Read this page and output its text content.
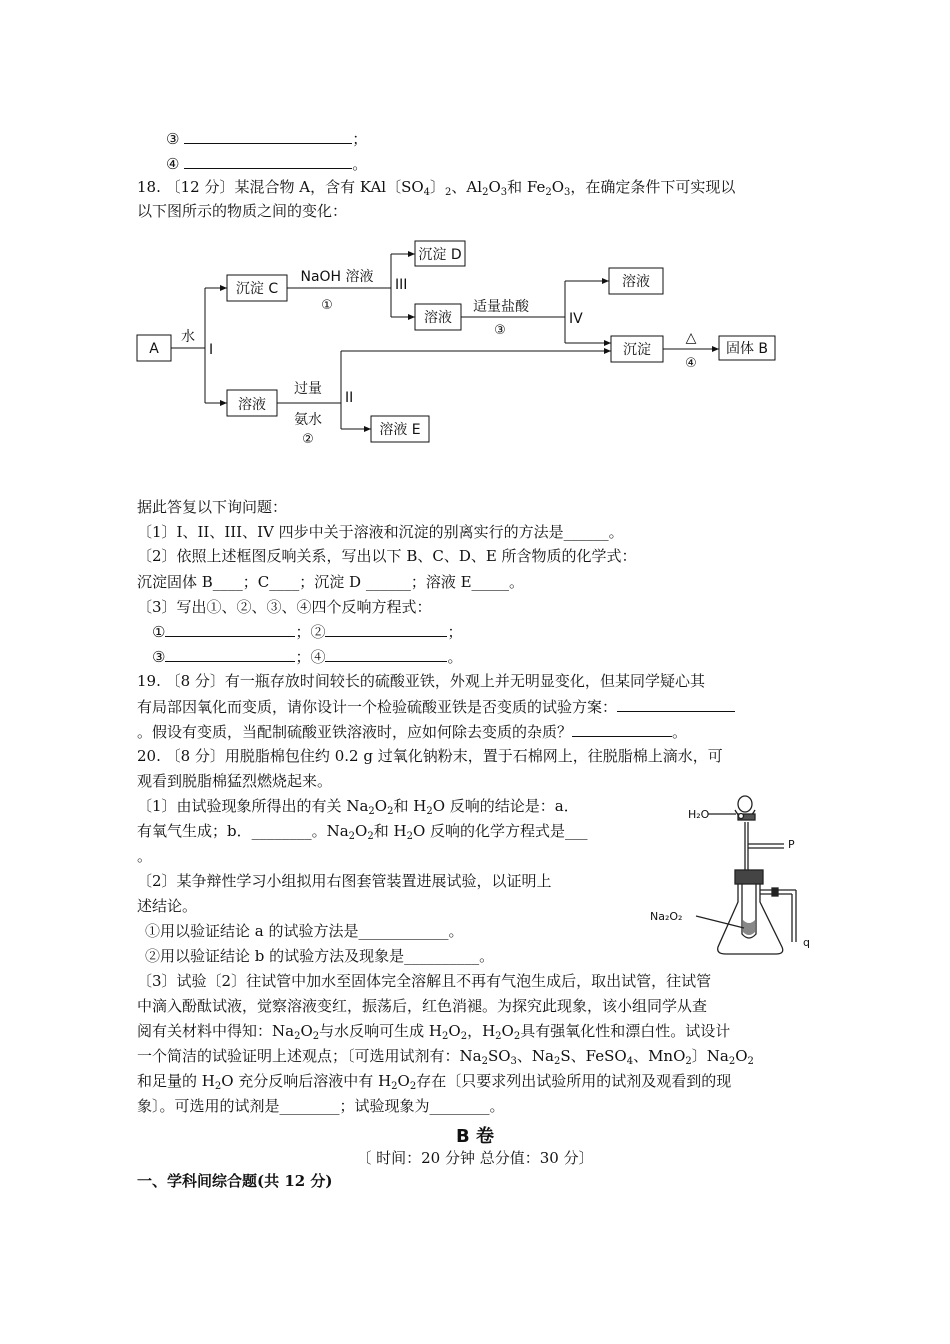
③	；
④	。
18. 〔12 分〕某混合物 A，含有 KAl〔$SO_4$〕$_2$、$Al_2O_3$和 $Fe_2O_3$，在确定条件下可实现以
以下图所示的物质之间的变化：
A
水
I
沉淀 C
NaOH 溶液
①
III
沉淀 D
溶液
适量盐酸
③
IV
溶液
沉淀
△
④
固体 B
溶液
过量
氨水
②
II
溶液 E
据此答复以下询问题：
〔1〕I、II、III、IV 四步中关于溶液和沉淀的别离实行的方法是______。
〔2〕依照上述框图反响关系，写出以下 B、C、D、E 所含物质的化学式：
沉淀固体 B____；C____；沉淀 D ______；溶液 E_____。
〔3〕写出①、②、③、④四个反响方程式：
①	；②	；
③	；④	。
19. 〔8 分〕有一瓶存放时间较长的硫酸亚铁，外观上并无明显变化，但某同学疑心其
有局部因氧化而变质，请你设计一个检验硫酸亚铁是否变质的试验方案：
。假设有变质，当配制硫酸亚铁溶液时，应如何除去变质的杂质？	。
20. 〔8 分〕用脱脂棉包住约 0.2 g 过氧化钠粉末，置于石棉网上，往脱脂棉上滴水，可
观看到脱脂棉猛烈燃烧起来。
〔1〕由试验现象所得出的有关 $Na_2O_2$和 $H_2O$ 反响的结论是：a．
有氧气生成；b．________。$Na_2O_2$和 $H_2O$ 反响的化学方程式是___
。
〔2〕某争辩性学习小组拟用右图套管装置进展试验，以证明上
述结论。
①用以验证结论 a 的试验方法是____________。
②用以验证结论 b 的试验方法及现象是__________。
H₂O
P
Na₂O₂
q
〔3〕试验〔2〕往试管中加水至固体完全溶解且不再有气泡生成后，取出试管，往试管
中滴入酚酞试液，觉察溶液变红，振荡后，红色消褪。为探究此现象，该小组同学从查
阅有关材料中得知：$Na_2O_2$与水反响可生成 $H_2O_2$，$H_2O_2$具有强氧化性和漂白性。试设计
一个简洁的试验证明上述观点；〔可选用试剂有：$Na_2SO_3$、$Na_2S$、FeSO$_4$、MnO$_2$〕$Na_2O_2$
和足量的 $H_2O$ 充分反响后溶液中有 $H_2O_2$存在〔只要求列出试验所用的试剂及观看到的现
象〕。可选用的试剂是________；试验现象为________。
B 卷
〔 时间：20 分钟 总分值：30 分〕
一、学科间综合题(共 12 分)
